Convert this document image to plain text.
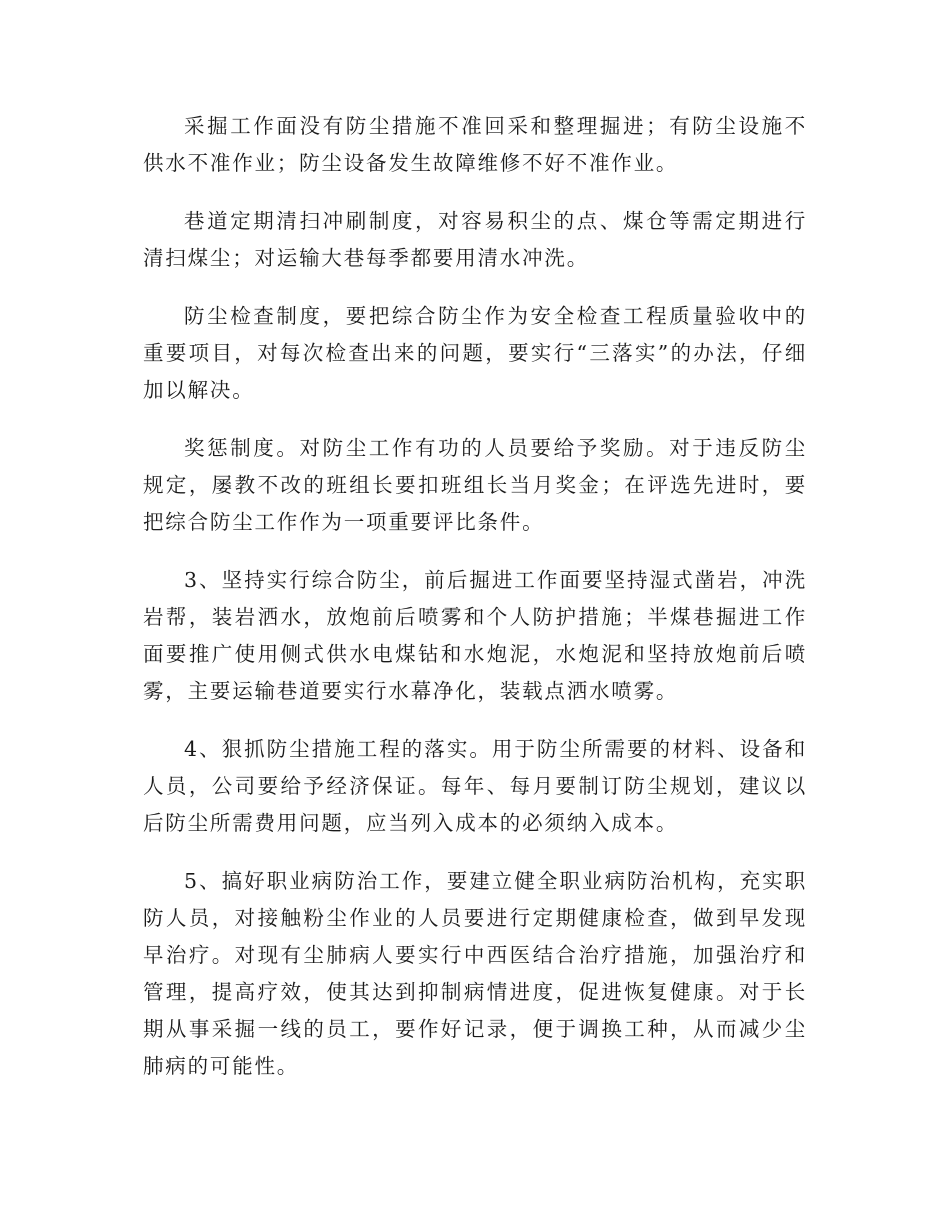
采掘工作面没有防尘措施不准回采和整理掘进；有防尘设施不供水不准作业；防尘设备发生故障维修不好不准作业。

巷道定期清扫冲刷制度，对容易积尘的点、煤仓等需定期进行清扫煤尘；对运输大巷每季都要用清水冲洗。

防尘检查制度，要把综合防尘作为安全检查工程质量验收中的重要项目，对每次检查出来的问题，要实行“三落实”的办法，仔细加以解决。

奖惩制度。对防尘工作有功的人员要给予奖励。对于违反防尘规定，屡教不改的班组长要扣班组长当月奖金；在评选先进时，要把综合防尘工作作为一项重要评比条件。

3、坚持实行综合防尘，前后掘进工作面要坚持湿式凿岩，冲洗岩帮，装岩洒水，放炮前后喷雾和个人防护措施；半煤巷掘进工作面要推广使用侧式供水电煤钻和水炮泥，水炮泥和坚持放炮前后喷雾，主要运输巷道要实行水幕净化，装载点洒水喷雾。

4、狠抓防尘措施工程的落实。用于防尘所需要的材料、设备和人员，公司要给予经济保证。每年、每月要制订防尘规划，建议以后防尘所需费用问题，应当列入成本的必须纳入成本。

5、搞好职业病防治工作，要建立健全职业病防治机构，充实职防人员，对接触粉尘作业的人员要进行定期健康检查，做到早发现早治疗。对现有尘肺病人要实行中西医结合治疗措施，加强治疗和管理，提高疗效，使其达到抑制病情进度，促进恢复健康。对于长期从事采掘一线的员工，要作好记录，便于调换工种，从而减少尘肺病的可能性。
